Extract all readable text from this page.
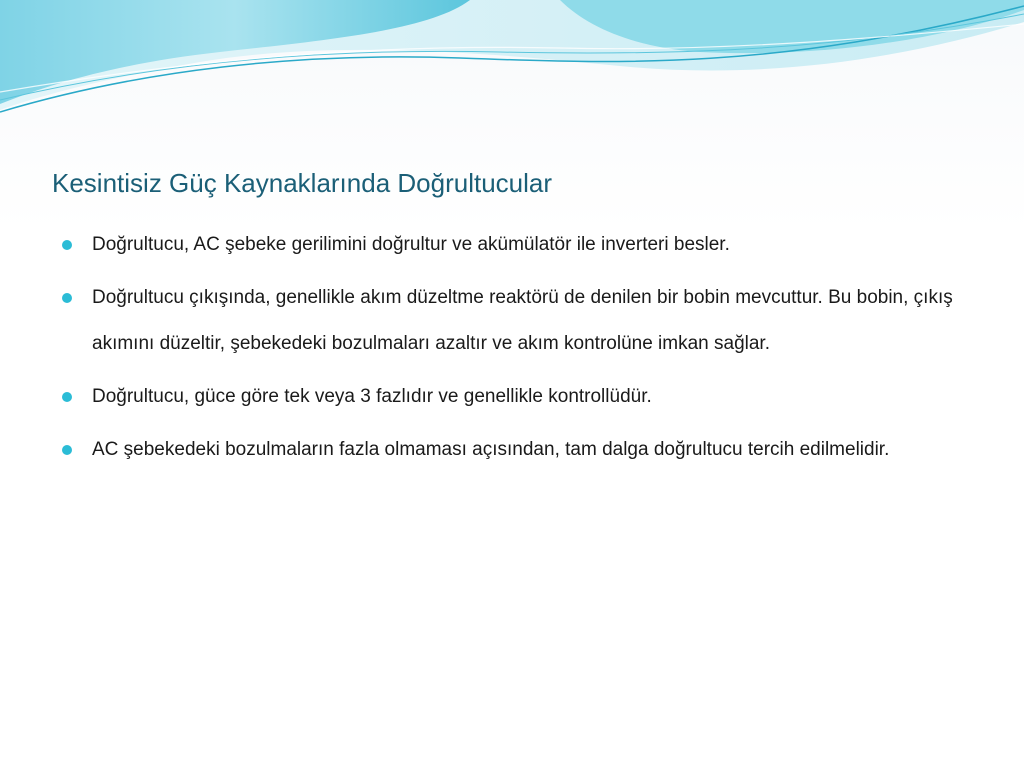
Kesintisiz Güç Kaynaklarında Doğrultucular
Doğrultucu, AC şebeke gerilimini doğrultur ve akümülatör ile inverteri besler.
Doğrultucu çıkışında, genellikle akım düzeltme reaktörü de denilen bir bobin mevcuttur. Bu bobin, çıkış akımını düzeltir, şebekedeki bozulmaları azaltır ve akım kontrolüne imkan sağlar.
Doğrultucu, güce göre tek veya 3 fazlıdır ve genellikle kontrollüdür.
AC şebekedeki bozulmaların fazla olmaması açısından, tam dalga doğrultucu tercih edilmelidir.
